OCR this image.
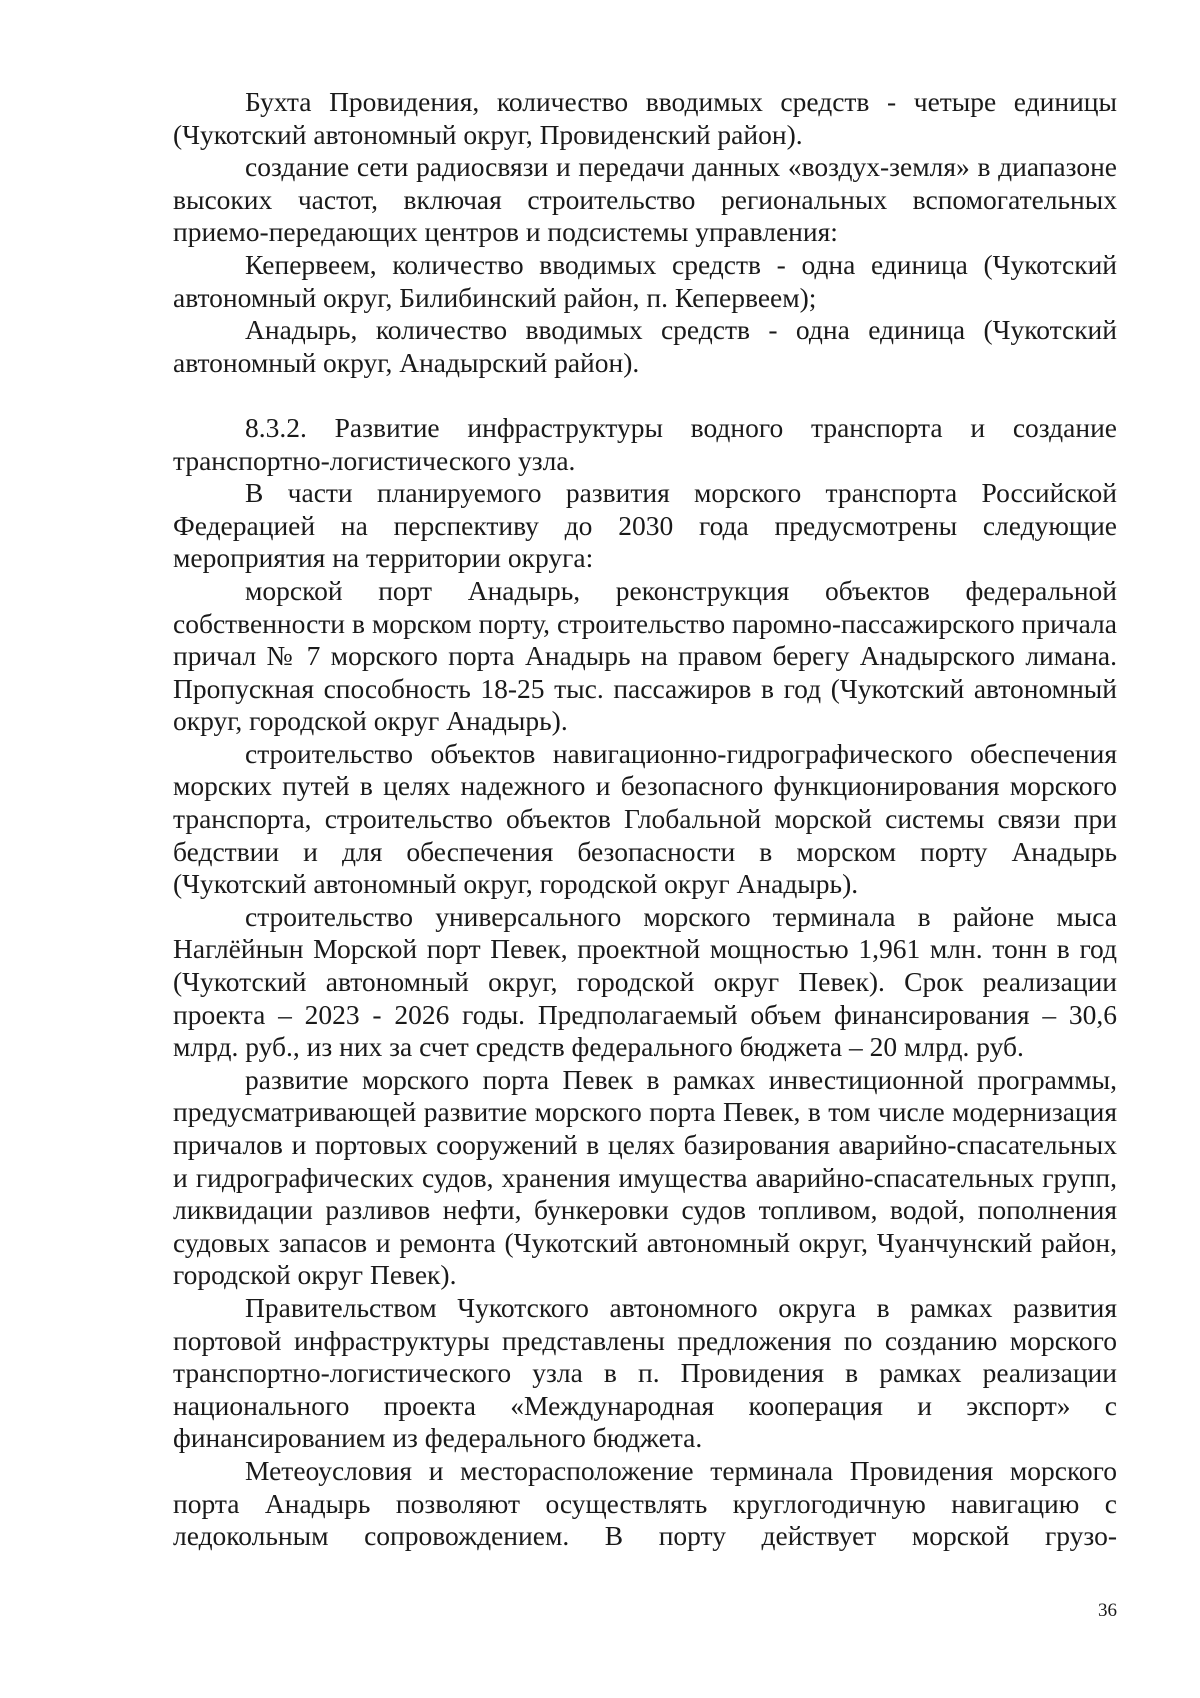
Бухта Провидения, количество вводимых средств - четыре единицы (Чукотский автономный округ, Провиденский район).

создание сети радиосвязи и передачи данных «воздух-земля» в диапазоне высоких частот, включая строительство региональных вспомогательных приемо-передающих центров и подсистемы управления:

Кепервеем, количество вводимых средств - одна единица (Чукотский автономный округ, Билибинский район, п. Кепервеем);

Анадырь, количество вводимых средств - одна единица (Чукотский автономный округ, Анадырский район).

8.3.2. Развитие инфраструктуры водного транспорта и создание транспортно-логистического узла.

В части планируемого развития морского транспорта Российской Федерацией на перспективу до 2030 года предусмотрены следующие мероприятия на территории округа:

морской порт Анадырь, реконструкция объектов федеральной собственности в морском порту, строительство паромно-пассажирского причала причал № 7 морского порта Анадырь на правом берегу Анадырского лимана. Пропускная способность 18-25 тыс. пассажиров в год (Чукотский автономный округ, городской округ Анадырь).

строительство объектов навигационно-гидрографического обеспечения морских путей в целях надежного и безопасного функционирования морского транспорта, строительство объектов Глобальной морской системы связи при бедствии и для обеспечения безопасности в морском порту Анадырь (Чукотский автономный округ, городской округ Анадырь).

строительство универсального морского терминала в районе мыса Наглёйнын Морской порт Певек, проектной мощностью 1,961 млн. тонн в год (Чукотский автономный округ, городской округ Певек). Срок реализации проекта – 2023 - 2026 годы. Предполагаемый объем финансирования – 30,6 млрд. руб., из них за счет средств федерального бюджета – 20 млрд. руб.

развитие морского порта Певек в рамках инвестиционной программы, предусматривающей развитие морского порта Певек, в том числе модернизация причалов и портовых сооружений в целях базирования аварийно-спасательных и гидрографических судов, хранения имущества аварийно-спасательных групп, ликвидации разливов нефти, бункеровки судов топливом, водой, пополнения судовых запасов и ремонта (Чукотский автономный округ, Чуанчунский район, городской округ Певек).

Правительством Чукотского автономного округа в рамках развития портовой инфраструктуры представлены предложения по созданию морского транспортно-логистического узла в п. Провидения в рамках реализации национального проекта «Международная кооперация и экспорт» с финансированием из федерального бюджета.

Метеоусловия и месторасположение терминала Провидения морского порта Анадырь позволяют осуществлять круглогодичную навигацию с ледокольным сопровождением. В порту действует морской грузо-

36
